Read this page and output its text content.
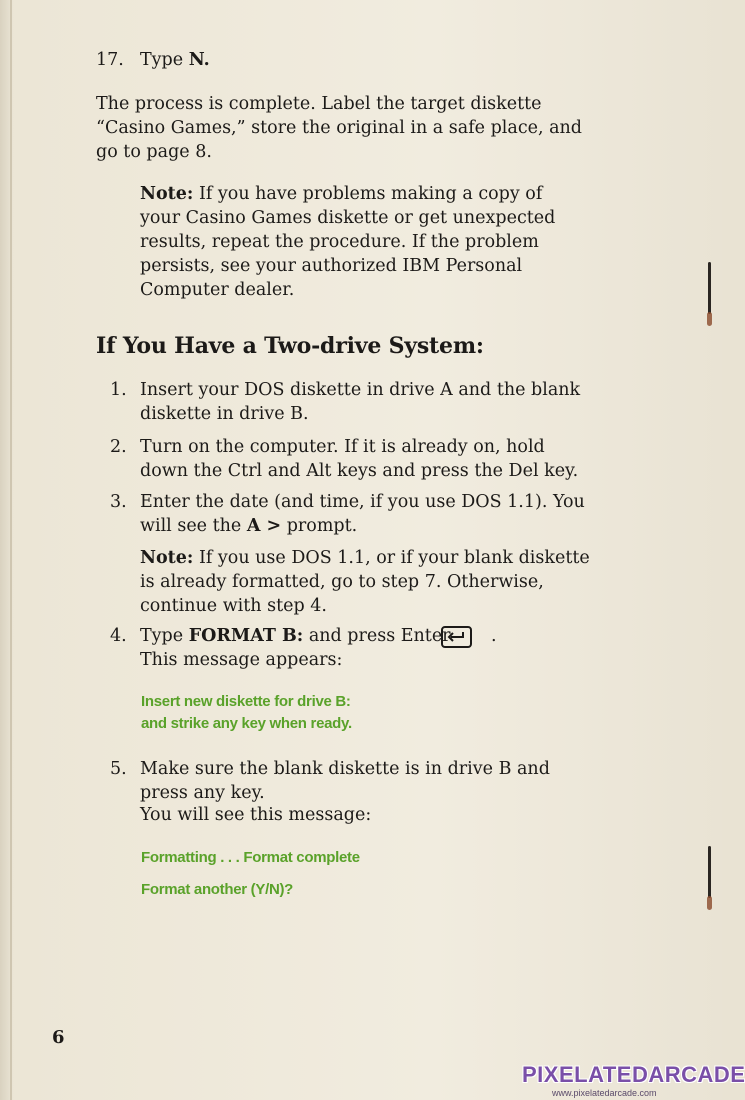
17. Type N.
The process is complete. Label the target diskette
“Casino Games,” store the original in a safe place, and
go to page 8.
Note: If you have problems making a copy of
your Casino Games diskette or get unexpected
results, repeat the procedure. If the problem
persists, see your authorized IBM Personal
Computer dealer.
If You Have a Two-drive System:
1. Insert your DOS diskette in drive A and the blank
diskette in drive B.
2. Turn on the computer. If it is already on, hold
down the Ctrl and Alt keys and press the Del key.
3. Enter the date (and time, if you use DOS 1.1). You
will see the A > prompt.
Note: If you use DOS 1.1, or if your blank diskette
is already formatted, go to step 7. Otherwise,
continue with step 4.
4. Type FORMAT B: and press Enter .
This message appears:
Insert new diskette for drive B:
and strike any key when ready.
5. Make sure the blank diskette is in drive B and
press any key.
You will see this message:
Formatting . . . Format complete
Format another (Y/N)?
6
PIXELATEDARCADE
www.pixelatedarcade.com
